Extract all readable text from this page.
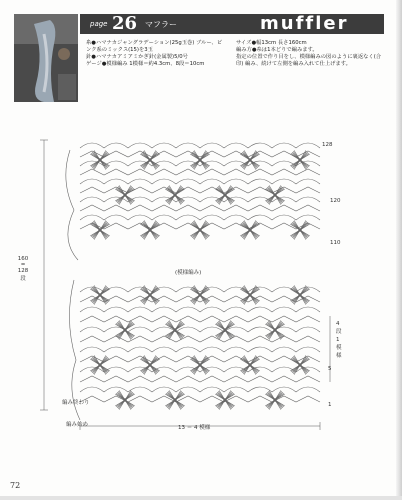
page 26 マフラー	muffler
糸●ハマナカジャングラデーション(25g玉巻) ブルー、ピンク系のミックス(15)を3玉
針●ハマナカアミアミかぎ針(金属製)5/0号
ゲージ●模様編み 1模様＝約4.3cm、8段＝10cm
サイズ●幅13cm 長さ160cm
編み方●糸は1本どりで編みます。
指定の位置で作り目をし、模様編みの図のように裏返なく(合印) 編み、続けて左側を編み入れて仕上げます。
160
=
128段
(模様編み)
13 ＝ 4 模様
4 段 1 模様
編み終わり
編み始め
128
120
110
5
1
72
